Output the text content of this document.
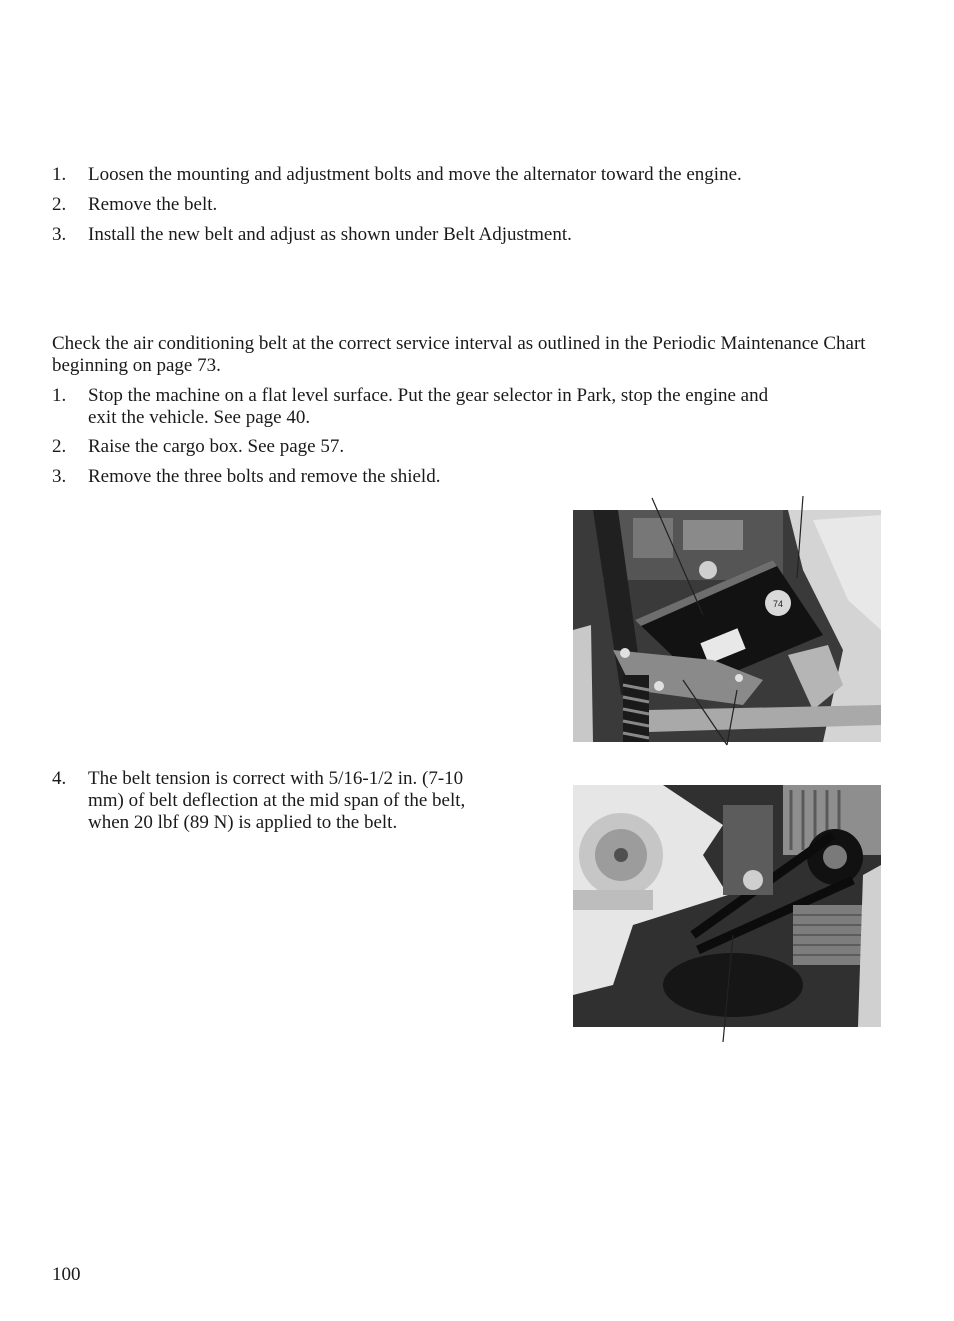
1.	Loosen the mounting and adjustment bolts and move the alternator toward the engine.
2.	Remove the belt.
3.	Install the new belt and adjust as shown under Belt Adjustment.
Check the air conditioning belt at the correct service interval as outlined in the Periodic Maintenance Chart beginning on page 73.
1.	Stop the machine on a flat level surface. Put the gear selector in Park, stop the engine and
exit the vehicle. See page 40.
2.	Raise the cargo box. See page 57.
3.	Remove the three bolts and remove the shield.
74
4.	The belt tension is correct with 5/16-1/2 in. (7-10
mm) of belt deflection at the mid span of the belt,
when 20 lbf (89 N) is applied to the belt.
100
